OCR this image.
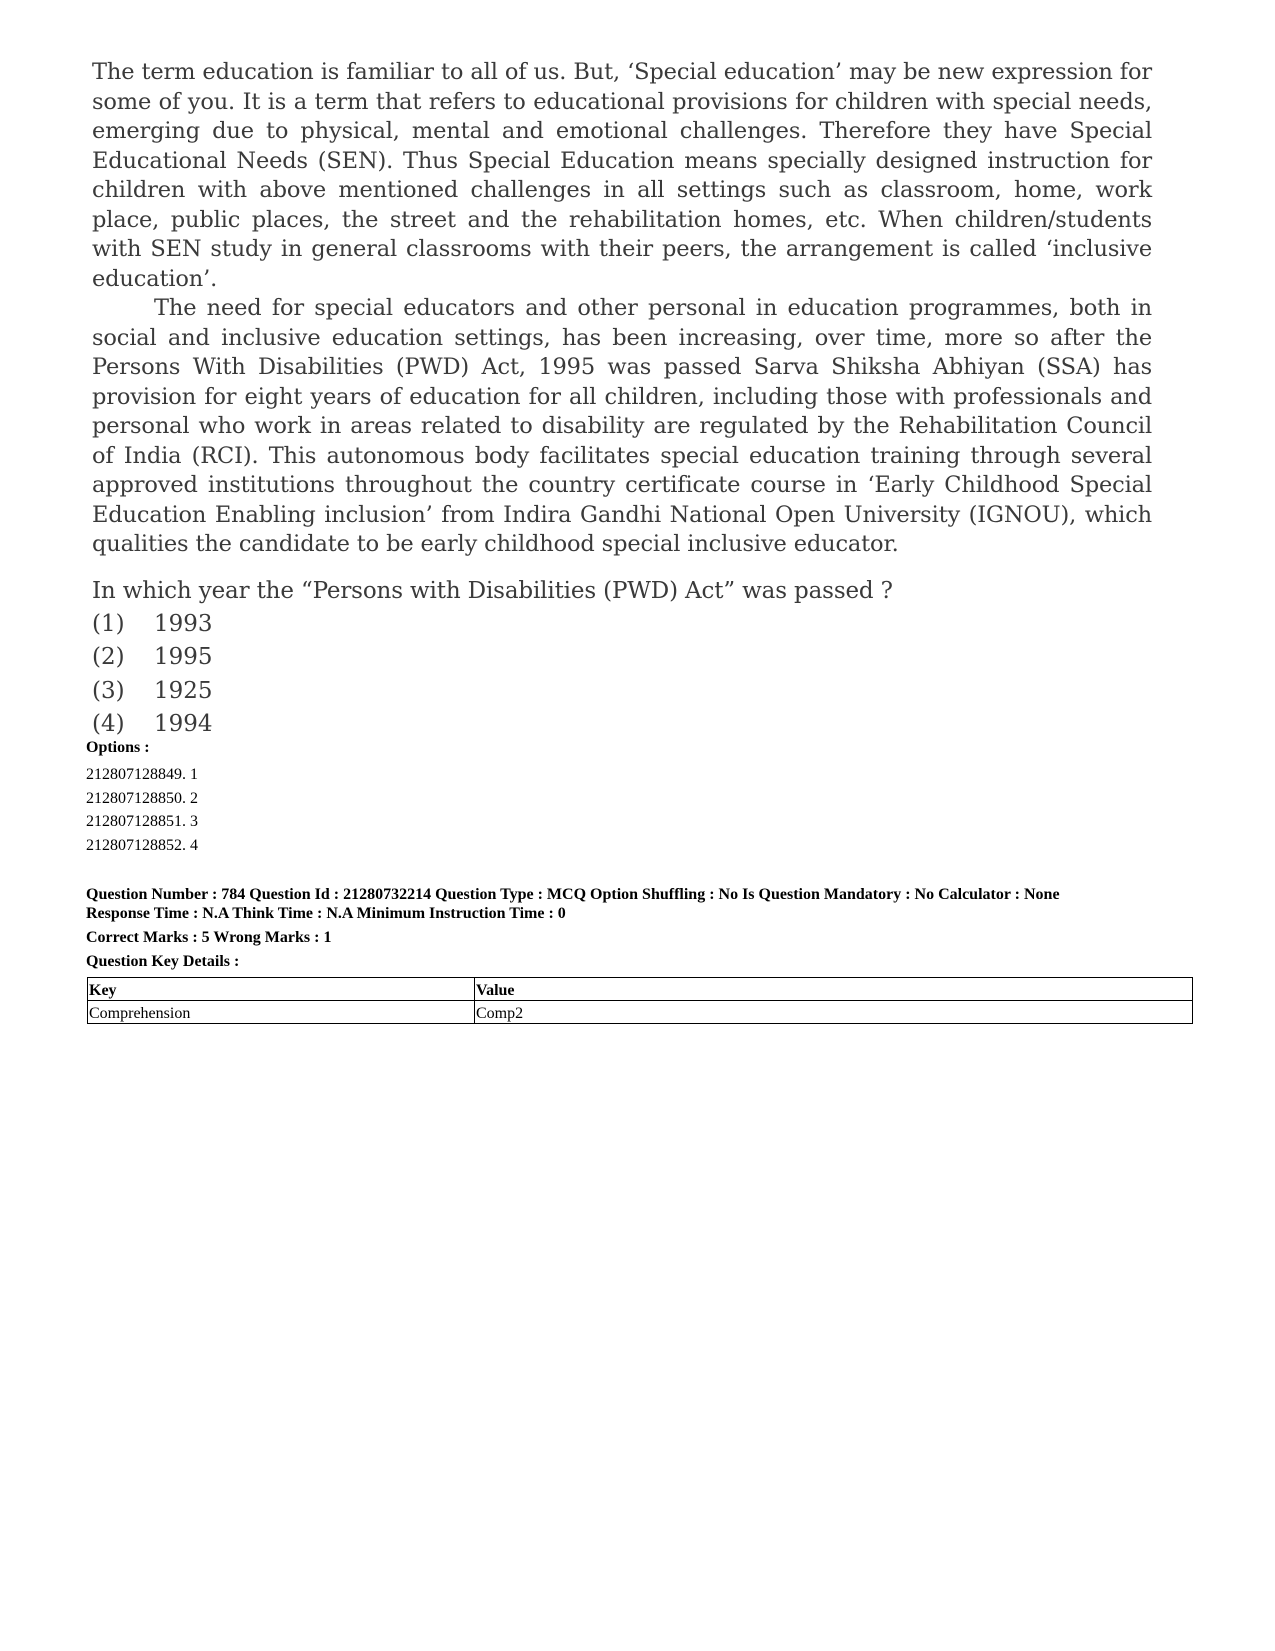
The term education is familiar to all of us. But, ‘Special education’ may be new expression for some of you. It is a term that refers to educational provisions for children with special needs, emerging due to physical, mental and emotional challenges. Therefore they have Special Educational Needs (SEN). Thus Special Education means specially designed instruction for children with above mentioned challenges in all settings such as classroom, home, work place, public places, the street and the rehabilitation homes, etc. When children/students with SEN study in general classrooms with their peers, the arrangement is called ‘inclusive education’.

The need for special educators and other personal in education programmes, both in social and inclusive education settings, has been increasing, over time, more so after the Persons With Disabilities (PWD) Act, 1995 was passed Sarva Shiksha Abhiyan (SSA) has provision for eight years of education for all children, including those with professionals and personal who work in areas related to disability are regulated by the Rehabilitation Council of India (RCI). This autonomous body facilitates special education training through several approved institutions throughout the country certificate course in ‘Early Childhood Special Education Enabling inclusion’ from Indira Gandhi National Open University (IGNOU), which qualities the candidate to be early childhood special inclusive educator.

In which year the “Persons with Disabilities (PWD) Act” was passed ?

(1)	1993
(2)	1995
(3)	1925
(4)	1994
Options :
212807128849. 1
212807128850. 2
212807128851. 3
212807128852. 4
Question Number : 784 Question Id : 21280732214 Question Type : MCQ Option Shuffling : No Is Question Mandatory : No Calculator : None
Response Time : N.A Think Time : N.A Minimum Instruction Time : 0
Correct Marks : 5 Wrong Marks : 1
Question Key Details :
Key	Value
Comprehension	Comp2
